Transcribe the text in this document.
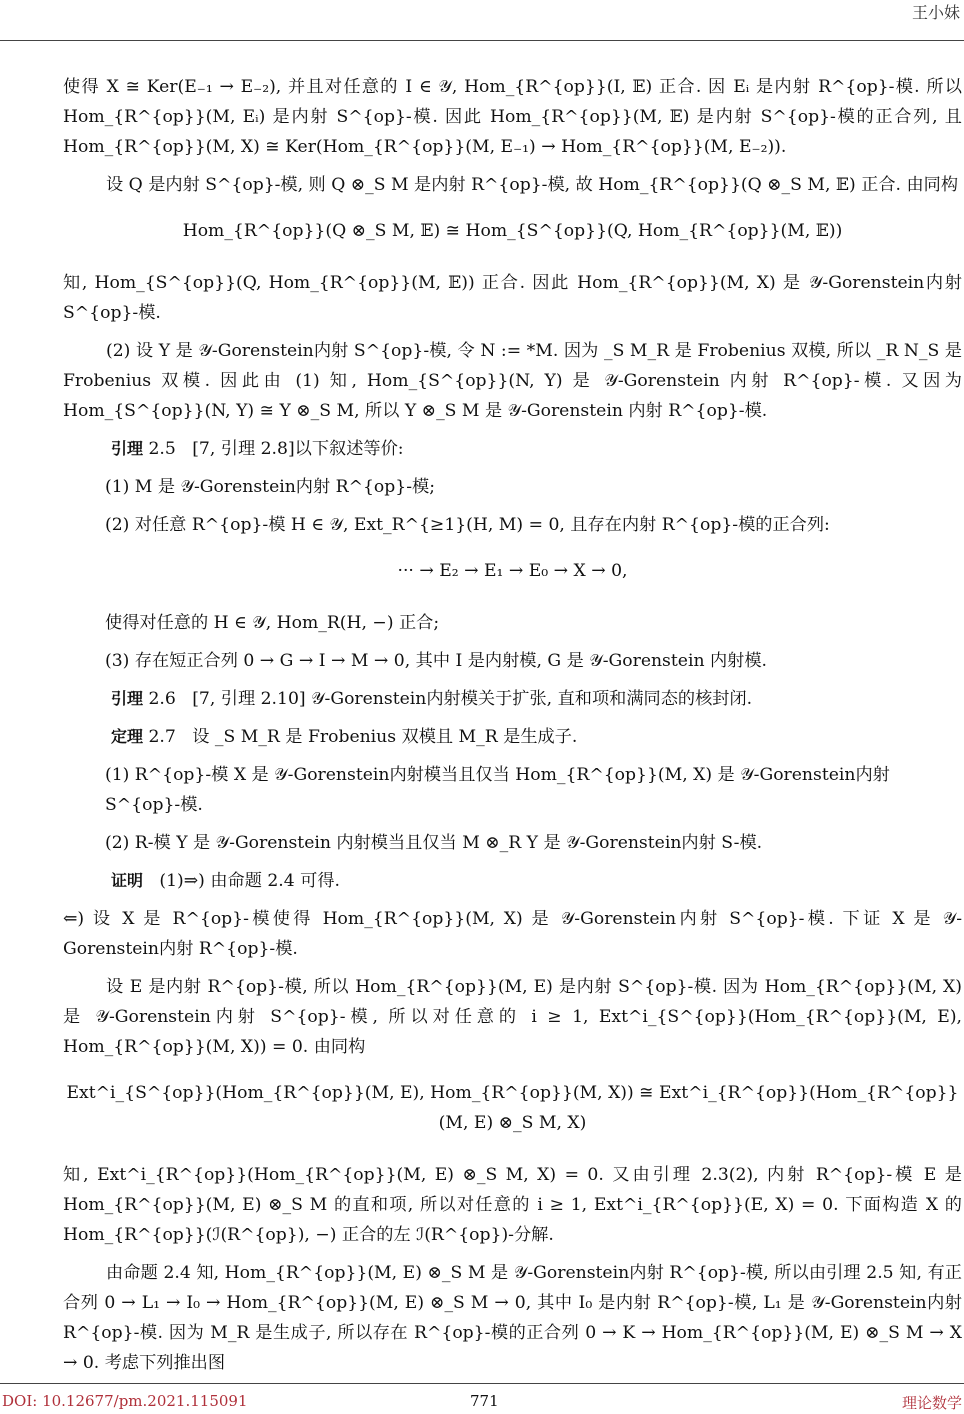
王小妹

使得 X ≅ Ker(E₋₁ → E₋₂), 并且对任意的 I ∈ 𝒴, Hom_{R^{op}}(I, 𝔼) 正合. 因 Eᵢ 是内射 R^{op}-模. 所以 Hom_{R^{op}}(M, Eᵢ) 是内射 S^{op}-模. 因此 Hom_{R^{op}}(M, 𝔼) 是内射 S^{op}-模的正合列, 且 Hom_{R^{op}}(M, X) ≅ Ker(Hom_{R^{op}}(M, E₋₁) → Hom_{R^{op}}(M, E₋₂)).

设 Q 是内射 S^{op}-模, 则 Q ⊗_S M 是内射 R^{op}-模, 故 Hom_{R^{op}}(Q ⊗_S M, 𝔼) 正合. 由同构

Hom_{R^{op}}(Q ⊗_S M, 𝔼) ≅ Hom_{S^{op}}(Q, Hom_{R^{op}}(M, 𝔼))

知, Hom_{S^{op}}(Q, Hom_{R^{op}}(M, 𝔼)) 正合. 因此 Hom_{R^{op}}(M, X) 是 𝒴-Gorenstein内射 S^{op}-模.

(2) 设 Y 是 𝒴-Gorenstein内射 S^{op}-模, 令 N := *M. 因为 _S M_R 是 Frobenius 双模, 所以 _R N_S 是 Frobenius 双模. 因此由 (1) 知, Hom_{S^{op}}(N, Y) 是 𝒴-Gorenstein 内射 R^{op}-模. 又因为 Hom_{S^{op}}(N, Y) ≅ Y ⊗_S M, 所以 Y ⊗_S M 是 𝒴-Gorenstein 内射 R^{op}-模.

引理 2.5 [7, 引理 2.8]以下叙述等价:

(1) M 是 𝒴-Gorenstein内射 R^{op}-模;

(2) 对任意 R^{op}-模 H ∈ 𝒴, Ext_R^{≥1}(H, M) = 0, 且存在内射 R^{op}-模的正合列:

··· → E₂ → E₁ → E₀ → X → 0,

使得对任意的 H ∈ 𝒴, Hom_R(H, −) 正合;

(3) 存在短正合列 0 → G → I → M → 0, 其中 I 是内射模, G 是 𝒴-Gorenstein 内射模.

引理 2.6 [7, 引理 2.10] 𝒴-Gorenstein内射模关于扩张, 直和项和满同态的核封闭.

定理 2.7 设 _S M_R 是 Frobenius 双模且 M_R 是生成子.

(1) R^{op}-模 X 是 𝒴-Gorenstein内射模当且仅当 Hom_{R^{op}}(M, X) 是 𝒴-Gorenstein内射 S^{op}-模.

(2) R-模 Y 是 𝒴-Gorenstein 内射模当且仅当 M ⊗_R Y 是 𝒴-Gorenstein内射 S-模.

证明 (1)⇒) 由命题 2.4 可得.

⇐) 设 X 是 R^{op}-模使得 Hom_{R^{op}}(M, X) 是 𝒴-Gorenstein内射 S^{op}-模. 下证 X 是 𝒴-Gorenstein内射 R^{op}-模.

设 E 是内射 R^{op}-模, 所以 Hom_{R^{op}}(M, E) 是内射 S^{op}-模. 因为 Hom_{R^{op}}(M, X) 是 𝒴-Gorenstein内射 S^{op}-模, 所以对任意的 i ≥ 1, Ext^i_{S^{op}}(Hom_{R^{op}}(M, E), Hom_{R^{op}}(M, X)) = 0. 由同构

Ext^i_{S^{op}}(Hom_{R^{op}}(M, E), Hom_{R^{op}}(M, X)) ≅ Ext^i_{R^{op}}(Hom_{R^{op}}(M, E) ⊗_S M, X)

知, Ext^i_{R^{op}}(Hom_{R^{op}}(M, E) ⊗_S M, X) = 0. 又由引理 2.3(2), 内射 R^{op}-模 E 是 Hom_{R^{op}}(M, E) ⊗_S M 的直和项, 所以对任意的 i ≥ 1, Ext^i_{R^{op}}(E, X) = 0. 下面构造 X 的 Hom_{R^{op}}(ℐ(R^{op}), −) 正合的左 ℐ(R^{op})-分解.

由命题 2.4 知, Hom_{R^{op}}(M, E) ⊗_S M 是 𝒴-Gorenstein内射 R^{op}-模, 所以由引理 2.5 知, 有正合列 0 → L₁ → I₀ → Hom_{R^{op}}(M, E) ⊗_S M → 0, 其中 I₀ 是内射 R^{op}-模, L₁ 是 𝒴-Gorenstein内射 R^{op}-模. 因为 M_R 是生成子, 所以存在 R^{op}-模的正合列 0 → K → Hom_{R^{op}}(M, E) ⊗_S M → X → 0. 考虑下列推出图

DOI: 10.12677/pm.2021.115091	771	理论数学
